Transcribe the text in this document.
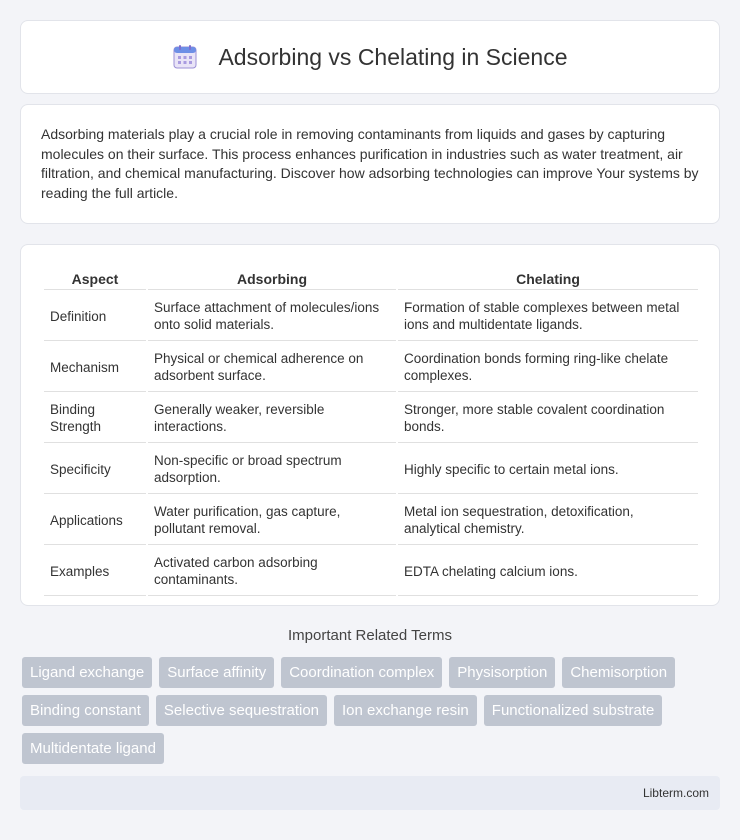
Adsorbing vs Chelating in Science

Adsorbing materials play a crucial role in removing contaminants from liquids and gases by capturing molecules on their surface. This process enhances purification in industries such as water treatment, air filtration, and chemical manufacturing. Discover how adsorbing technologies can improve Your systems by reading the full article.

Aspect	Adsorbing	Chelating
Definition	Surface attachment of molecules/ions onto solid materials.	Formation of stable complexes between metal ions and multidentate ligands.
Mechanism	Physical or chemical adherence on adsorbent surface.	Coordination bonds forming ring-like chelate complexes.
Binding Strength	Generally weaker, reversible interactions.	Stronger, more stable covalent coordination bonds.
Specificity	Non-specific or broad spectrum adsorption.	Highly specific to certain metal ions.
Applications	Water purification, gas capture, pollutant removal.	Metal ion sequestration, detoxification, analytical chemistry.
Examples	Activated carbon adsorbing contaminants.	EDTA chelating calcium ions.
Important Related Terms
Ligand exchange	Surface affinity	Coordination complex	Physisorption	Chemisorption
Binding constant	Selective sequestration	Ion exchange resin	Functionalized substrate
Multidentate ligand
Libterm.com
